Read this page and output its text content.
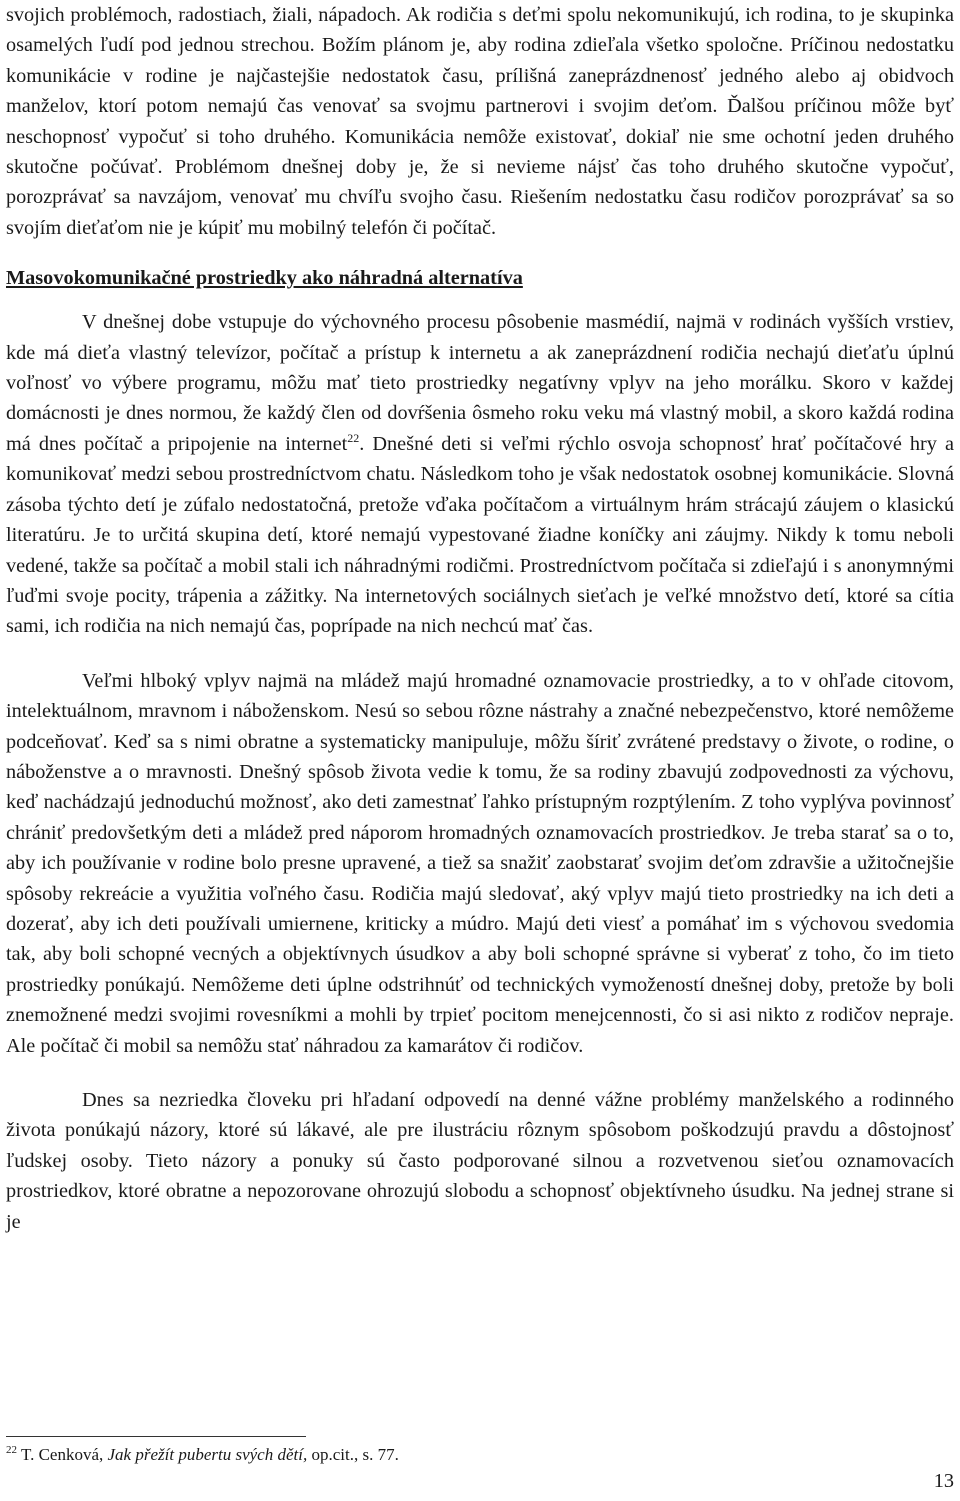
svojich problémoch, radostiach, žiali, nápadoch. Ak rodičia s deťmi spolu nekomunikujú, ich rodina, to je skupinka osamelých ľudí pod jednou strechou. Božím plánom je, aby rodina zdieľala všetko spoločne. Príčinou nedostatku komunikácie v rodine je najčastejšie nedostatok času, prílišná zaneprázdnenosť jedného alebo aj obidvoch manželov, ktorí potom nemajú čas venovať sa svojmu partnerovi i svojim deťom. Ďalšou príčinou môže byť neschopnosť vypočuť si toho druhého. Komunikácia nemôže existovať, dokiaľ nie sme ochotní jeden druhého skutočne počúvať. Problémom dnešnej doby je, že si nevieme nájsť čas toho druhého skutočne vypočuť, porozprávať sa navzájom, venovať mu chvíľu svojho času. Riešením nedostatku času rodičov porozprávať sa so svojím dieťaťom nie je kúpiť mu mobilný telefón či počítač.

Masovokomunikačné prostriedky ako náhradná alternatíva

V dnešnej dobe vstupuje do výchovného procesu pôsobenie masmédií, najmä v rodinách vyšších vrstiev, kde má dieťa vlastný televízor, počítač a prístup k internetu a ak zaneprázdnení rodičia nechajú dieťaťu úplnú voľnosť vo výbere programu, môžu mať tieto prostriedky negatívny vplyv na jeho morálku. Skoro v každej domácnosti je dnes normou, že každý člen od dovŕšenia ôsmeho roku veku má vlastný mobil, a skoro každá rodina má dnes počítač a pripojenie na internet$^{22}$. Dnešné deti si veľmi rýchlo osvoja schopnosť hrať počítačové hry a komunikovať medzi sebou prostredníctvom chatu. Následkom toho je však nedostatok osobnej komunikácie. Slovná zásoba týchto detí je zúfalo nedostatočná, pretože vďaka počítačom a virtuálnym hrám strácajú záujem o klasickú literatúru. Je to určitá skupina detí, ktoré nemajú vypestované žiadne koníčky ani záujmy. Nikdy k tomu neboli vedené, takže sa počítač a mobil stali ich náhradnými rodičmi. Prostredníctvom počítača si zdieľajú i s anonymnými ľuďmi svoje pocity, trápenia a zážitky. Na internetových sociálnych sieťach je veľké množstvo detí, ktoré sa cítia sami, ich rodičia na nich nemajú čas, poprípade na nich nechcú mať čas.

Veľmi hlboký vplyv najmä na mládež majú hromadné oznamovacie prostriedky, a to v ohľade citovom, intelektuálnom, mravnom i náboženskom. Nesú so sebou rôzne nástrahy a značné nebezpečenstvo, ktoré nemôžeme podceňovať. Keď sa s nimi obratne a systematicky manipuluje, môžu šíriť zvrátené predstavy o živote, o rodine, o náboženstve a o mravnosti. Dnešný spôsob života vedie k tomu, že sa rodiny zbavujú zodpovednosti za výchovu, keď nachádzajú jednoduchú možnosť, ako deti zamestnať ľahko prístupným rozptýlením. Z toho vyplýva povinnosť chrániť predovšetkým deti a mládež pred náporom hromadných oznamovacích prostriedkov. Je treba starať sa o to, aby ich používanie v rodine bolo presne upravené, a tiež sa snažiť zaobstarať svojim deťom zdravšie a užitočnejšie spôsoby rekreácie a využitia voľného času. Rodičia majú sledovať, aký vplyv majú tieto prostriedky na ich deti a dozerať, aby ich deti používali umiernene, kriticky a múdro. Majú deti viesť a pomáhať im s výchovou svedomia tak, aby boli schopné vecných a objektívnych úsudkov a aby boli schopné správne si vyberať z toho, čo im tieto prostriedky ponúkajú. Nemôžeme deti úplne odstrihnúť od technických vymožeností dnešnej doby, pretože by boli znemožnené medzi svojimi rovesníkmi a mohli by trpieť pocitom menejcennosti, čo si asi nikto z rodičov nepraje. Ale počítač či mobil sa nemôžu stať náhradou za kamarátov či rodičov.

Dnes sa nezriedka človeku pri hľadaní odpovedí na denné vážne problémy manželského a rodinného života ponúkajú názory, ktoré sú lákavé, ale pre ilustráciu rôznym spôsobom poškodzujú pravdu a dôstojnosť ľudskej osoby. Tieto názory a ponuky sú často podporované silnou a rozvetvenou sieťou oznamovacích prostriedkov, ktoré obratne a nepozorovane ohrozujú slobodu a schopnosť objektívneho úsudku. Na jednej strane si je

$^{22}$ T. Cenková, Jak přežít pubertu svých dětí, op.cit., s. 77.
13
